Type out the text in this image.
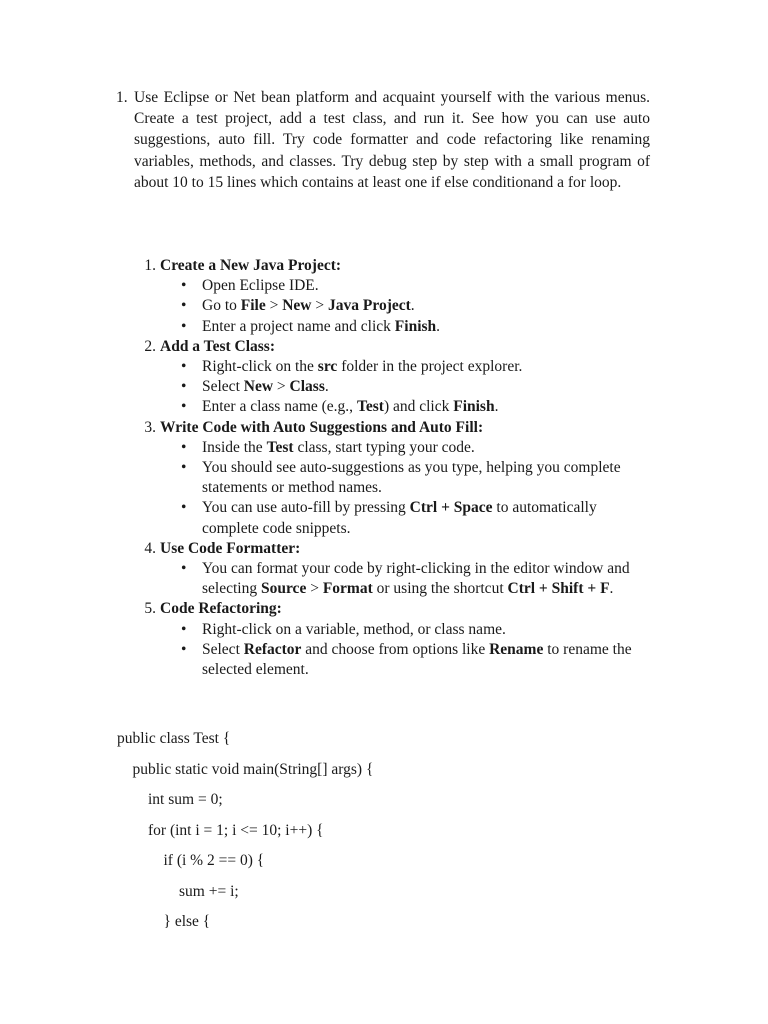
1. Use Eclipse or Net bean platform and acquaint yourself with the various menus. Create a test project, add a test class, and run it. See how you can use auto suggestions, auto fill. Try code formatter and code refactoring like renaming variables, methods, and classes. Try debug step by step with a small program of about 10 to 15 lines which contains at least one if else conditionand a for loop.
1. Create a New Java Project:
• Open Eclipse IDE.
• Go to File > New > Java Project.
• Enter a project name and click Finish.
2. Add a Test Class:
• Right-click on the src folder in the project explorer.
• Select New > Class.
• Enter a class name (e.g., Test) and click Finish.
3. Write Code with Auto Suggestions and Auto Fill:
• Inside the Test class, start typing your code.
• You should see auto-suggestions as you type, helping you complete statements or method names.
• You can use auto-fill by pressing Ctrl + Space to automatically complete code snippets.
4. Use Code Formatter:
• You can format your code by right-clicking in the editor window and selecting Source > Format or using the shortcut Ctrl + Shift + F.
5. Code Refactoring:
• Right-click on a variable, method, or class name.
• Select Refactor and choose from options like Rename to rename the selected element.
public class Test {
public static void main(String[] args) {
int sum = 0;
for (int i = 1; i <= 10; i++) {
if (i % 2 == 0) {
sum += i;
} else {
